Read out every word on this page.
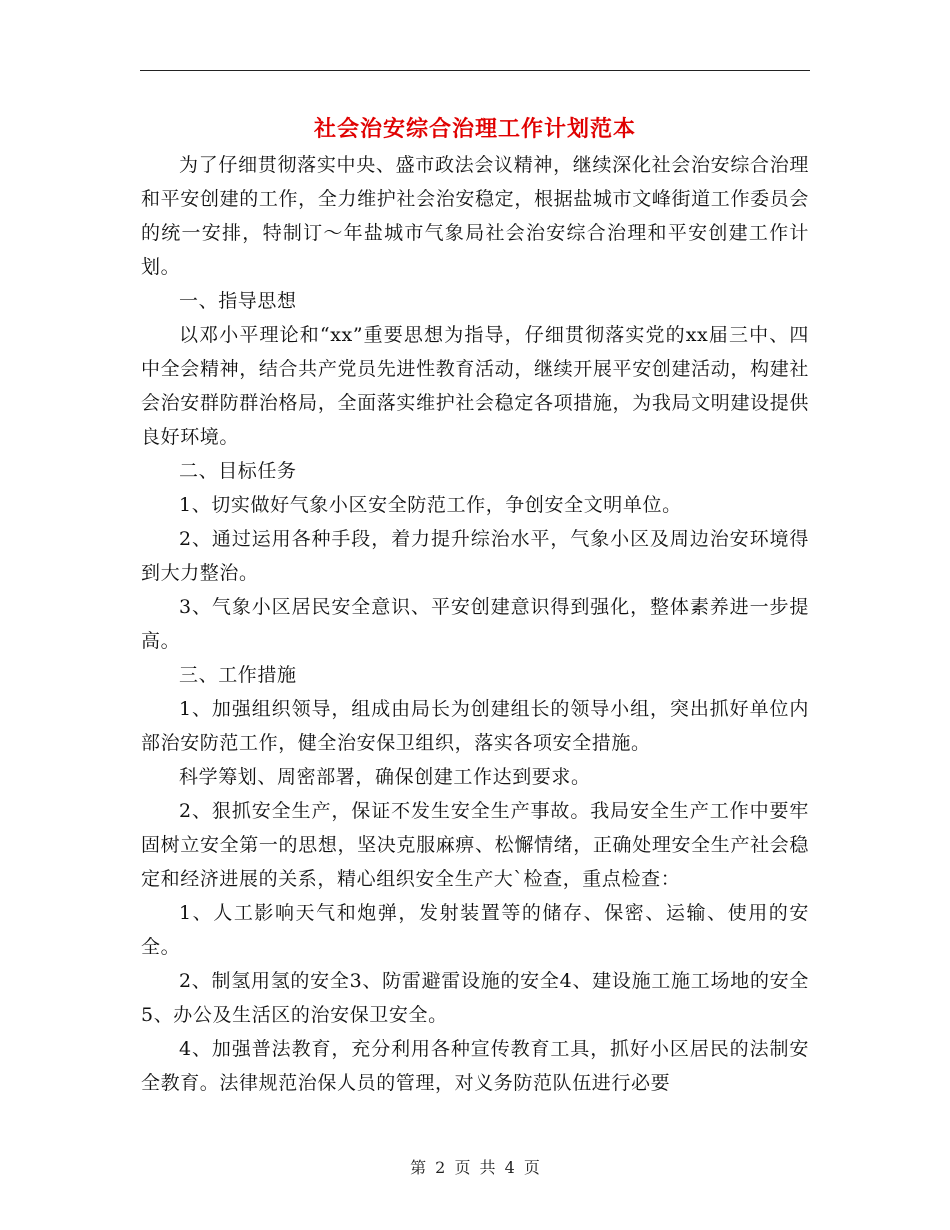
社会治安综合治理工作计划范本

为了仔细贯彻落实中央、盛市政法会议精神，继续深化社会治安综合治理和平安创建的工作，全力维护社会治安稳定，根据盐城市文峰街道工作委员会的统一安排，特制订～年盐城市气象局社会治安综合治理和平安创建工作计划。

一、指导思想

以邓小平理论和“xx”重要思想为指导，仔细贯彻落实党的xx届三中、四中全会精神，结合共产党员先进性教育活动，继续开展平安创建活动，构建社会治安群防群治格局，全面落实维护社会稳定各项措施，为我局文明建设提供良好环境。

二、目标任务

1、切实做好气象小区安全防范工作，争创安全文明单位。

2、通过运用各种手段，着力提升综治水平，气象小区及周边治安环境得到大力整治。

3、气象小区居民安全意识、平安创建意识得到强化，整体素养进一步提高。

三、工作措施

1、加强组织领导，组成由局长为创建组长的领导小组，突出抓好单位内部治安防范工作，健全治安保卫组织，落实各项安全措施。

科学筹划、周密部署，确保创建工作达到要求。

2、狠抓安全生产，保证不发生安全生产事故。我局安全生产工作中要牢固树立安全第一的思想，坚决克服麻痹、松懈情绪，正确处理安全生产社会稳定和经济进展的关系，精心组织安全生产大`检查，重点检查：

1、人工影响天气和炮弹，发射装置等的储存、保密、运输、使用的安全。

2、制氢用氢的安全3、防雷避雷设施的安全4、建设施工施工场地的安全5、办公及生活区的治安保卫安全。

4、加强普法教育，充分利用各种宣传教育工具，抓好小区居民的法制安全教育。法律规范治保人员的管理，对义务防范队伍进行必要

第 2 页 共 4 页
